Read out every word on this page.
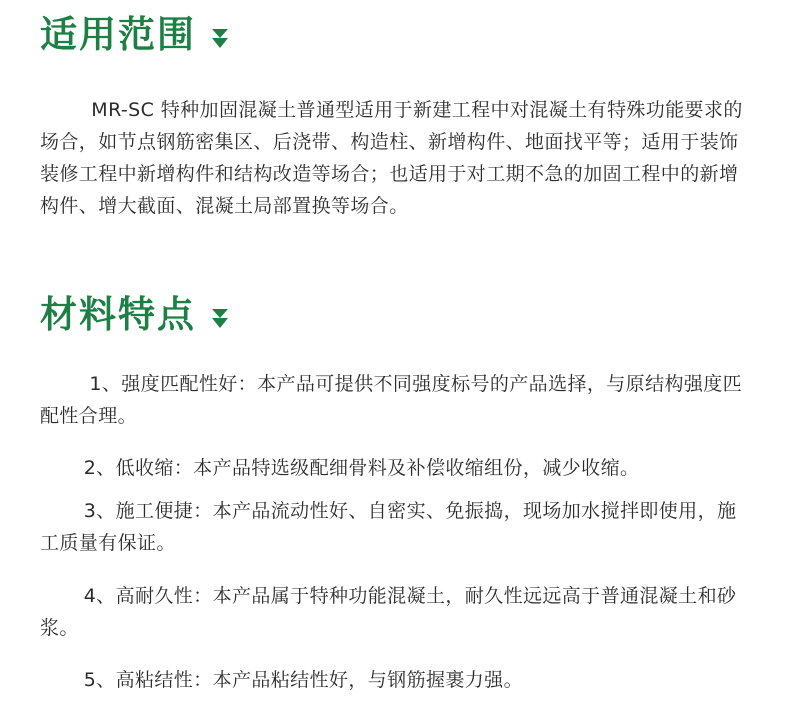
适用范围
MR-SC 特种加固混凝土普通型适用于新建工程中对混凝土有特殊功能要求的场合，如节点钢筋密集区、后浇带、构造柱、新增构件、地面找平等；适用于装饰装修工程中新增构件和结构改造等场合；也适用于对工期不急的加固工程中的新增构件、增大截面、混凝土局部置换等场合。
材料特点
1、强度匹配性好：本产品可提供不同强度标号的产品选择，与原结构强度匹配性合理。
2、低收缩：本产品特选级配细骨料及补偿收缩组份，减少收缩。
3、施工便捷：本产品流动性好、自密实、免振捣，现场加水搅拌即使用，施工质量有保证。
4、高耐久性：本产品属于特种功能混凝土，耐久性远远高于普通混凝土和砂浆。
5、高粘结性：本产品粘结性好，与钢筋握裹力强。
